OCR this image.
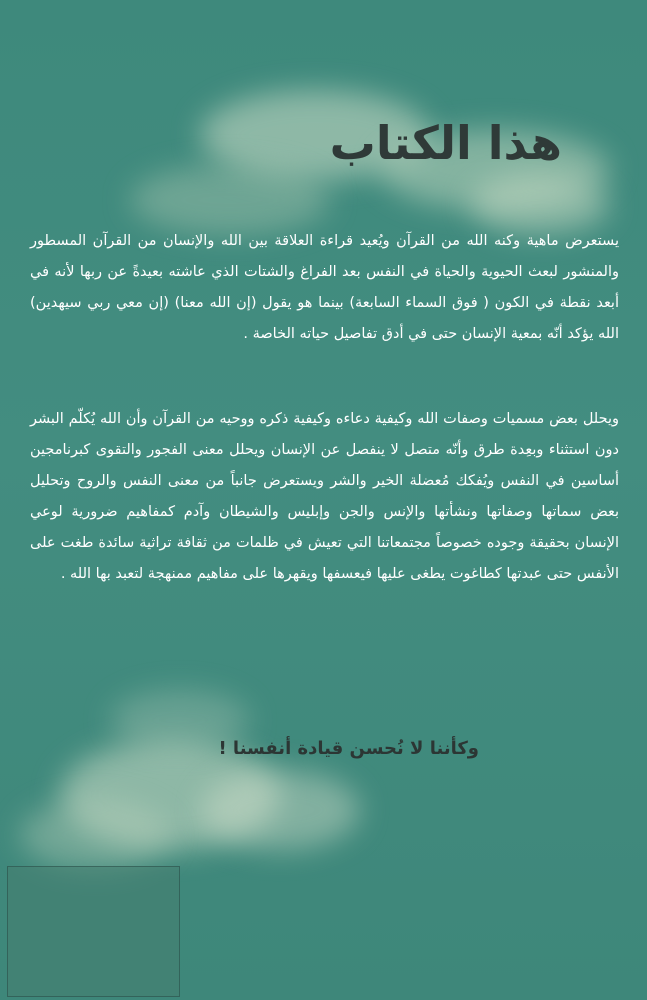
هذا الكتاب

يستعرض ماهية وكنه الله من القرآن ويُعيد قراءة العلاقة بين الله والإنسان من القرآن المسطور والمنشور لبعث الحيوية والحياة في النفس بعد الفراغ والشتات الذي عاشته بعيدةً عن ربها لأنه في أبعد نقطة في الكون ( فوق السماء السابعة) بينما هو يقول (إن الله معنا) (إن معي ربي سيهدين) الله يؤكد أنّه بمعية الإنسان حتى في أدق تفاصيل حياته الخاصة .

ويحلل بعض مسميات وصفات الله وكيفية دعاءه وكيفية ذكره ووحيه من القرآن وأن الله يُكلّم البشر دون استثناء وبعِدة طرق وأنّه متصل لا ينفصل عن الإنسان ويحلل معنى الفجور والتقوى كبرنامجين أساسين في النفس ويُفكك مُعضلة الخير والشر ويستعرض جانباً من معنى النفس والروح وتحليل بعض سماتها وصفاتها ونشأتها والإنس والجن وإبليس والشيطان وآدم كمفاهيم ضرورية لوعي الإنسان بحقيقة وجوده خصوصاً مجتمعاتنا التي تعيش في ظلمات من ثقافة تراثية سائدة طغت على الأنفس حتى عبدتها كطاغوت يطغى عليها فيعسفها ويقهرها على مفاهيم ممنهجة لتعبد بها الله .

وكأننا لا نُحسن قيادة أنفسنا !
